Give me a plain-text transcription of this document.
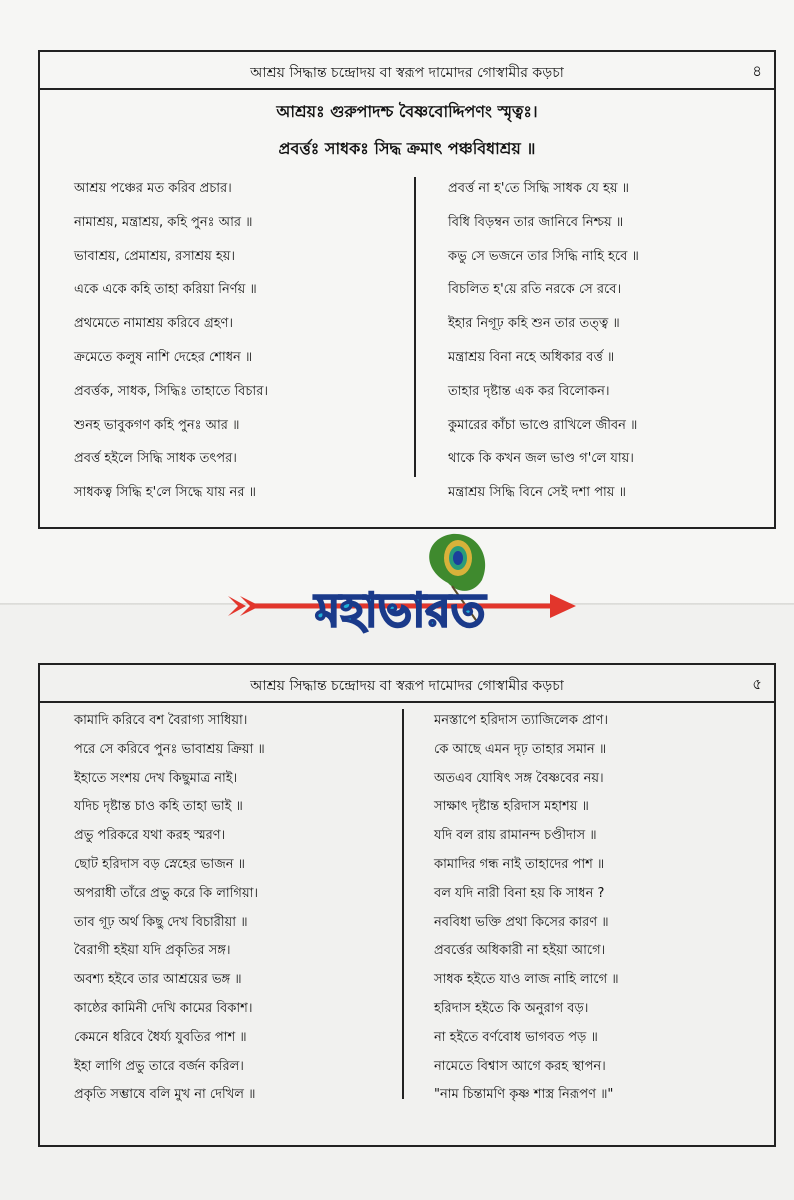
আশ্রয় সিদ্ধান্ত চন্দ্রোদয় বা স্বরূপ দামোদর গোস্বামীর কড়চা	৪
আশ্রয়ঃ গুরুপাদশ্চ বৈষ্ণবোদ্দিপণং স্মৃত্বঃ।
প্রবর্ত্তঃ সাধকঃ সিদ্ধ ক্রমাৎ পঞ্চবিধাশ্রয় ॥
আশ্রয় পঞ্চের মত করিব প্রচার।
নামাশ্রয়, মন্ত্রাশ্রয়, কহি পুনঃ আর ॥
ভাবাশ্রয়, প্রেমাশ্রয়, রসাশ্রয় হয়।
একে একে কহি তাহা করিয়া নির্ণয় ॥
প্রথমেতে নামাশ্রয় করিবে গ্রহণ।
ক্রমেতে কলুষ নাশি দেহের শোধন ॥
প্রবর্ত্তক, সাধক, সিদ্ধিঃ তাহাতে বিচার।
শুনহ ভাবুকগণ কহি পুনঃ আর ॥
প্রবর্ত্ত হইলে সিদ্ধি সাধক তৎপর।
সাধকত্ব সিদ্ধি হ'লে সিদ্ধে যায় নর ॥
প্রবর্ত্ত না হ'তে সিদ্ধি সাধক যে হয় ॥
বিধি বিড়ম্বন তার জানিবে নিশ্চয় ॥
কভু সে ভজনে তার সিদ্ধি নাহি হবে ॥
বিচলিত হ'য়ে রতি নরকে সে রবে।
ইহার নিগূঢ় কহি শুন তার তত্ত্ব ॥
মন্ত্রাশ্রয় বিনা নহে অধিকার বর্ত্ত ॥
তাহার দৃষ্টান্ত এক কর বিলোকন।
কুমারের কাঁচা ভাণ্ডে রাখিলে জীবন ॥
থাকে কি কখন জল ভাণ্ড গ'লে যায়।
মন্ত্রাশ্রয় সিদ্ধি বিনে সেই দশা পায় ॥
আশ্রয় সিদ্ধান্ত চন্দ্রোদয় বা স্বরূপ দামোদর গোস্বামীর কড়চা	৫
কামাদি করিবে বশ বৈরাগ্য সাধিয়া।
পরে সে করিবে পুনঃ ভাবাশ্রয় ক্রিয়া ॥
ইহাতে সংশয় দেখ কিছুমাত্র নাই।
যদিচ দৃষ্টান্ত চাও কহি তাহা ভাই ॥
প্রভু পরিকরে যথা করহ স্মরণ।
ছোট হরিদাস বড় স্নেহের ভাজন ॥
অপরাধী তাঁরে প্রভু করে কি লাগিয়া।
তাব গূঢ় অর্থ কিছু দেখ বিচারীয়া ॥
বৈরাগী হইয়া যদি প্রকৃতির সঙ্গ।
অবশ্য হইবে তার আশ্রয়ের ভঙ্গ ॥
কাষ্ঠের কামিনী দেখি কামের বিকাশ।
কেমনে ধরিবে ধৈর্য্য যুবতির পাশ ॥
ইহা লাগি প্রভু তারে বর্জন করিল।
প্রকৃতি সম্ভাষে বলি মুখ না দেখিল ॥
মনস্তাপে হরিদাস ত্যাজিলেক প্রাণ।
কে আছে এমন দৃঢ় তাহার সমান ॥
অতএব যোষিৎ সঙ্গ বৈষ্ণবের নয়।
সাক্ষাৎ দৃষ্টান্ত হরিদাস মহাশয় ॥
যদি বল রায় রামানন্দ চণ্ডীদাস ॥
কামাদির গন্ধ নাই তাহাদের পাশ ॥
বল যদি নারী বিনা হয় কি সাধন ?
নববিধা ভক্তি প্রথা কিসের কারণ ॥
প্রবর্ত্তের অধিকারী না হইয়া আগে।
সাধক হইতে যাও লাজ নাহি লাগে ॥
হরিদাস হইতে কি অনুরাগ বড়।
না হইতে বর্ণবোধ ভাগবত পড় ॥
নামেতে বিশ্বাস আগে করহ স্থাপন।
"নাম চিন্তামণি কৃষ্ণ শাস্ত্র নিরূপণ ॥"
মহাভারত
